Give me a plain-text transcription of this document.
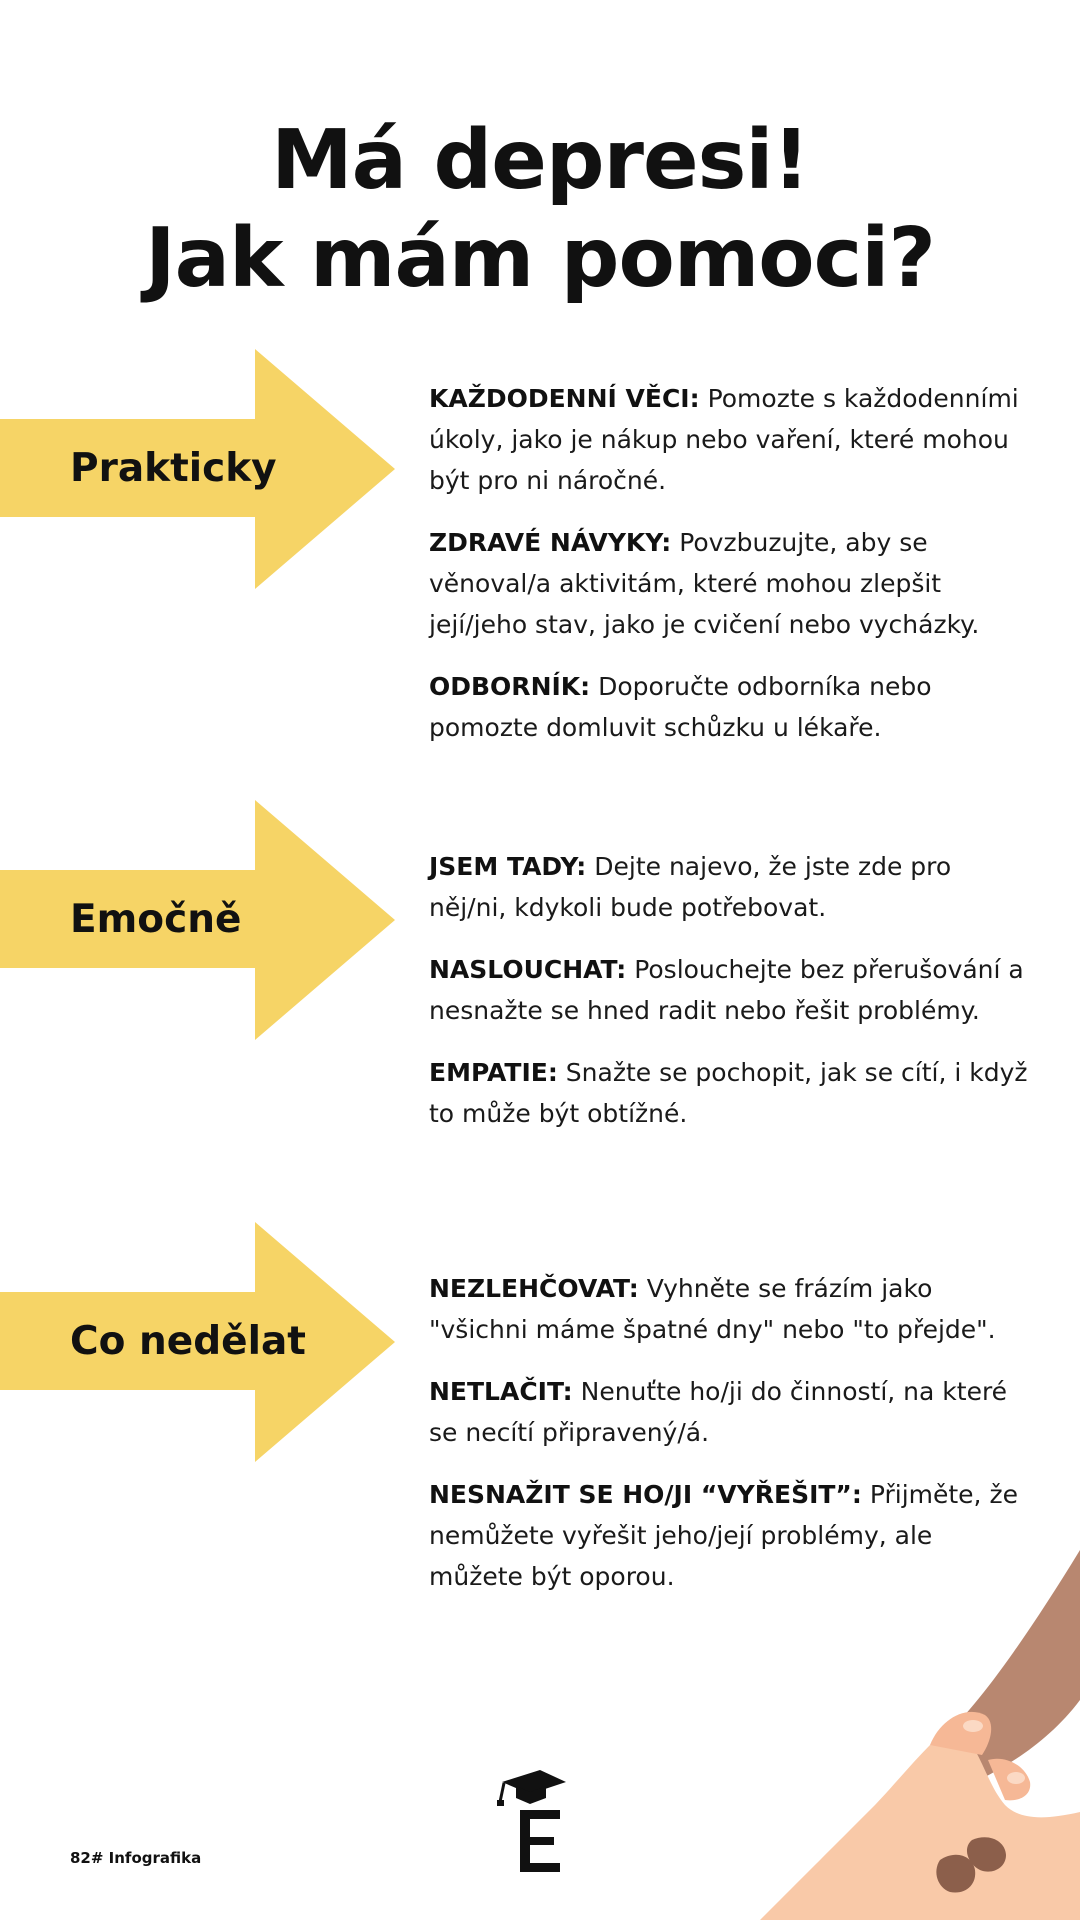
Má depresi!
Jak mám pomoci?
Prakticky

KAŽDODENNÍ VĚCI: Pomozte s každodenními úkoly, jako je nákup nebo vaření, které mohou být pro ni náročné.

ZDRAVÉ NÁVYKY: Povzbuzujte, aby se věnoval/a aktivitám, které mohou zlepšit její/jeho stav, jako je cvičení nebo vycházky.

ODBORNÍK: Doporučte odborníka nebo pomozte domluvit schůzku u lékaře.

Emočně

JSEM TADY: Dejte najevo, že jste zde pro něj/ni, kdykoli bude potřebovat.

NASLOUCHAT: Poslouchejte bez přerušování a nesnažte se hned radit nebo řešit problémy.

EMPATIE: Snažte se pochopit, jak se cítí, i když to může být obtížné.

Co nedělat

NEZLEHČOVAT: Vyhněte se frázím jako "všichni máme špatné dny" nebo "to přejde".

NETLAČIT: Nenuťte ho/ji do činností, na které se necítí připravený/á.

NESNAŽIT SE HO/JI “VYŘEŠIT”: Přijměte, že nemůžete vyřešit jeho/její problémy, ale můžete být oporou.

82# Infografika
